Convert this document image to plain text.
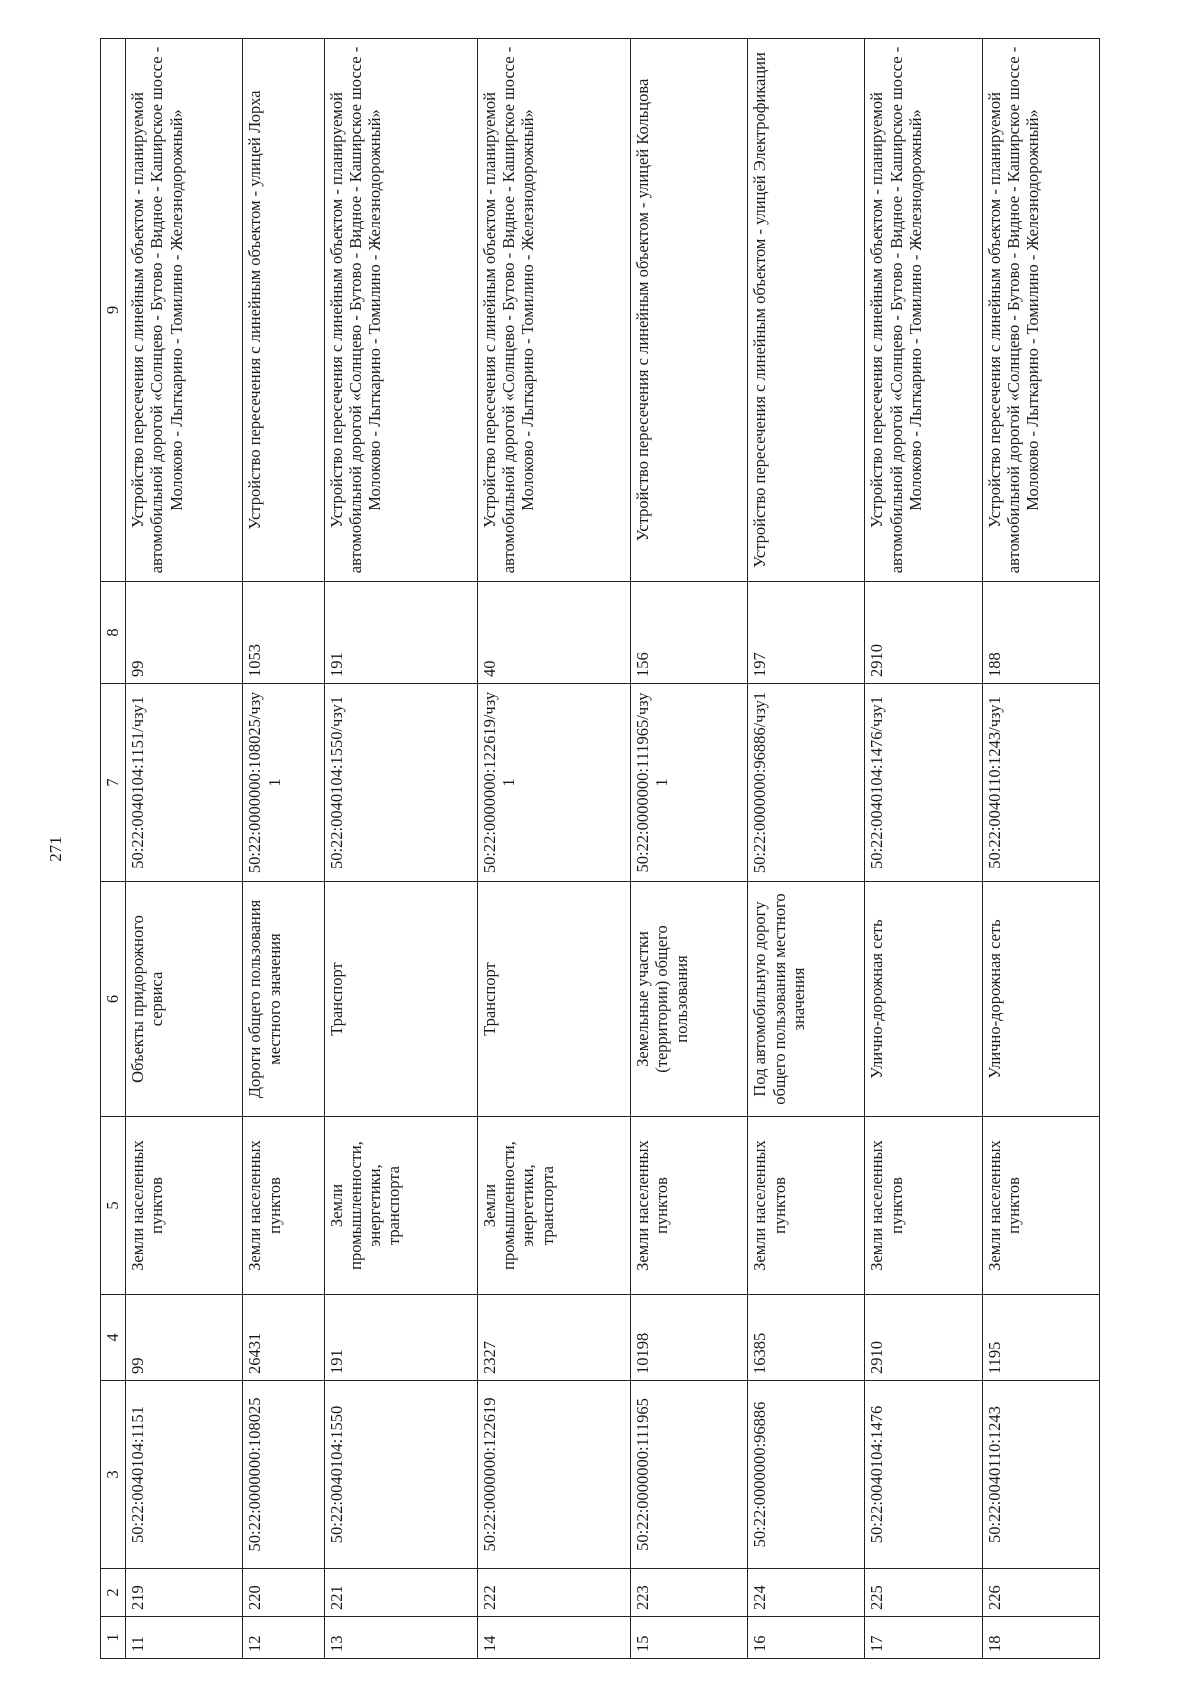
271
1	2	3	4	5	6	7	8	9
11	219	50:22:0040104:1151	99	Земли населенных пунктов	Объекты придорожного сервиса	50:22:0040104:1151/чзу1	99	Устройство пересечения с линейным объектом - планируемой автомобильной дорогой «Солнцево - Бутово - Видное - Каширское шоссе - Молоково - Лыткарино - Томилино - Железнодорожный»
12	220	50:22:0000000:108025	26431	Земли населенных пунктов	Дороги общего пользования местного значения	50:22:0000000:108025/чзу1	1053	Устройство пересечения с линейным объектом - улицей Лорха
13	221	50:22:0040104:1550	191	Земли промышленности, энергетики, транспорта	Транспорт	50:22:0040104:1550/чзу1	191	Устройство пересечения с линейным объектом - планируемой автомобильной дорогой «Солнцево - Бутово - Видное - Каширское шоссе - Молоково - Лыткарино - Томилино - Железнодорожный»
14	222	50:22:0000000:122619	2327	Земли промышленности, энергетики, транспорта	Транспорт	50:22:0000000:122619/чзу1	40	Устройство пересечения с линейным объектом - планируемой автомобильной дорогой «Солнцево - Бутово - Видное - Каширское шоссе - Молоково - Лыткарино - Томилино - Железнодорожный»
15	223	50:22:0000000:111965	10198	Земли населенных пунктов	Земельные участки (территории) общего пользования	50:22:0000000:111965/чзу1	156	Устройство пересечения с линейным объектом - улицей Кольцова
16	224	50:22:0000000:96886	16385	Земли населенных пунктов	Под автомобильную дорогу общего пользования местного значения	50:22:0000000:96886/чзу1	197	Устройство пересечения с линейным объектом - улицей Электрофикации
17	225	50:22:0040104:1476	2910	Земли населенных пунктов	Улично-дорожная сеть	50:22:0040104:1476/чзу1	2910	Устройство пересечения с линейным объектом - планируемой автомобильной дорогой «Солнцево - Бутово - Видное - Каширское шоссе - Молоково - Лыткарино - Томилино - Железнодорожный»
18	226	50:22:0040110:1243	1195	Земли населенных пунктов	Улично-дорожная сеть	50:22:0040110:1243/чзу1	188	Устройство пересечения с линейным объектом - планируемой автомобильной дорогой «Солнцево - Бутово - Видное - Каширское шоссе - Молоково - Лыткарино - Томилино - Железнодорожный»
